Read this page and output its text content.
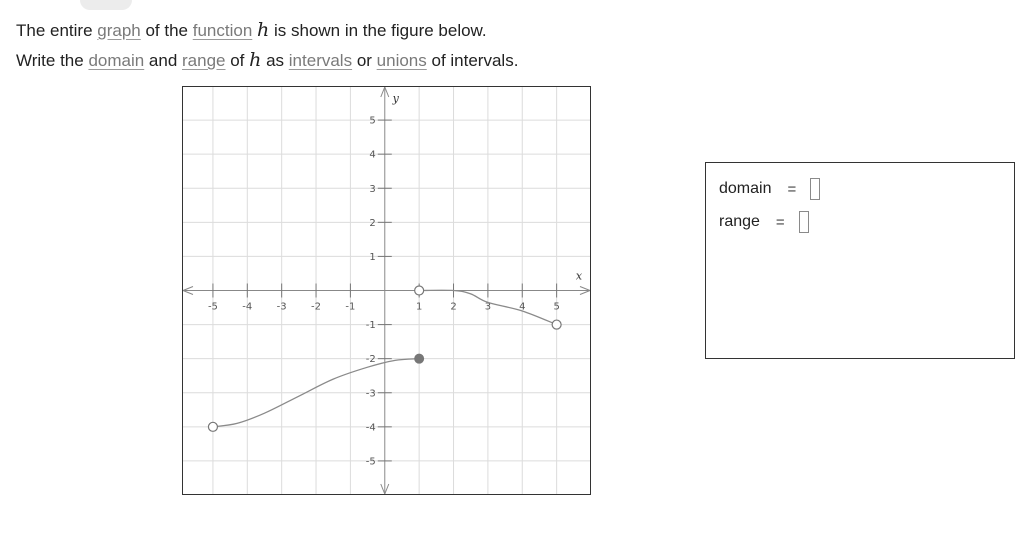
The entire graph of the function h is shown in the figure below.
Write the domain and range of h as intervals or unions of intervals.
-5 -4 -3 -2 -1	1	2	3	4	5
-5
-4
-3
-2
-1
1
2
3
4
5
x
y
domain =
range =
